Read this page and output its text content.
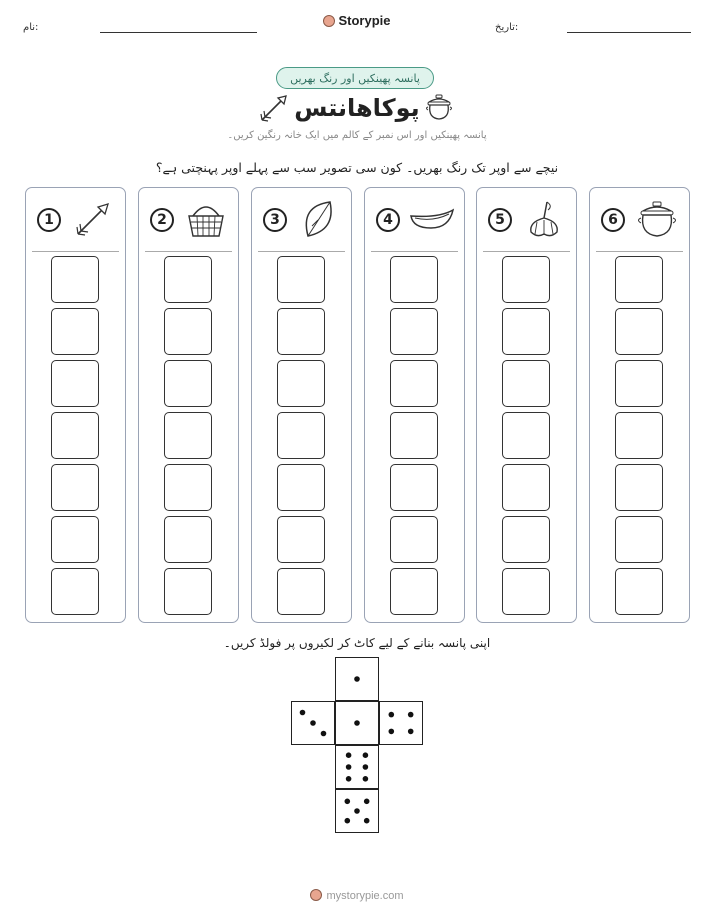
نام:	Storypie	تاریخ:
پانسہ پھینکیں اور رنگ بھریں
پوکاھانتس
پانسہ پھینکیں اور اس نمبر کے کالم میں ایک خانہ رنگین کریں۔
نیچے سے اوپر تک رنگ بھریں۔ کون سی تصویر سب سے پہلے اوپر پہنچتی ہے؟
1	2	3	4	5	6
اپنی پانسہ بنانے کے لیے کاٹ کر لکیروں پر فولڈ کریں۔
mystorypie.com
